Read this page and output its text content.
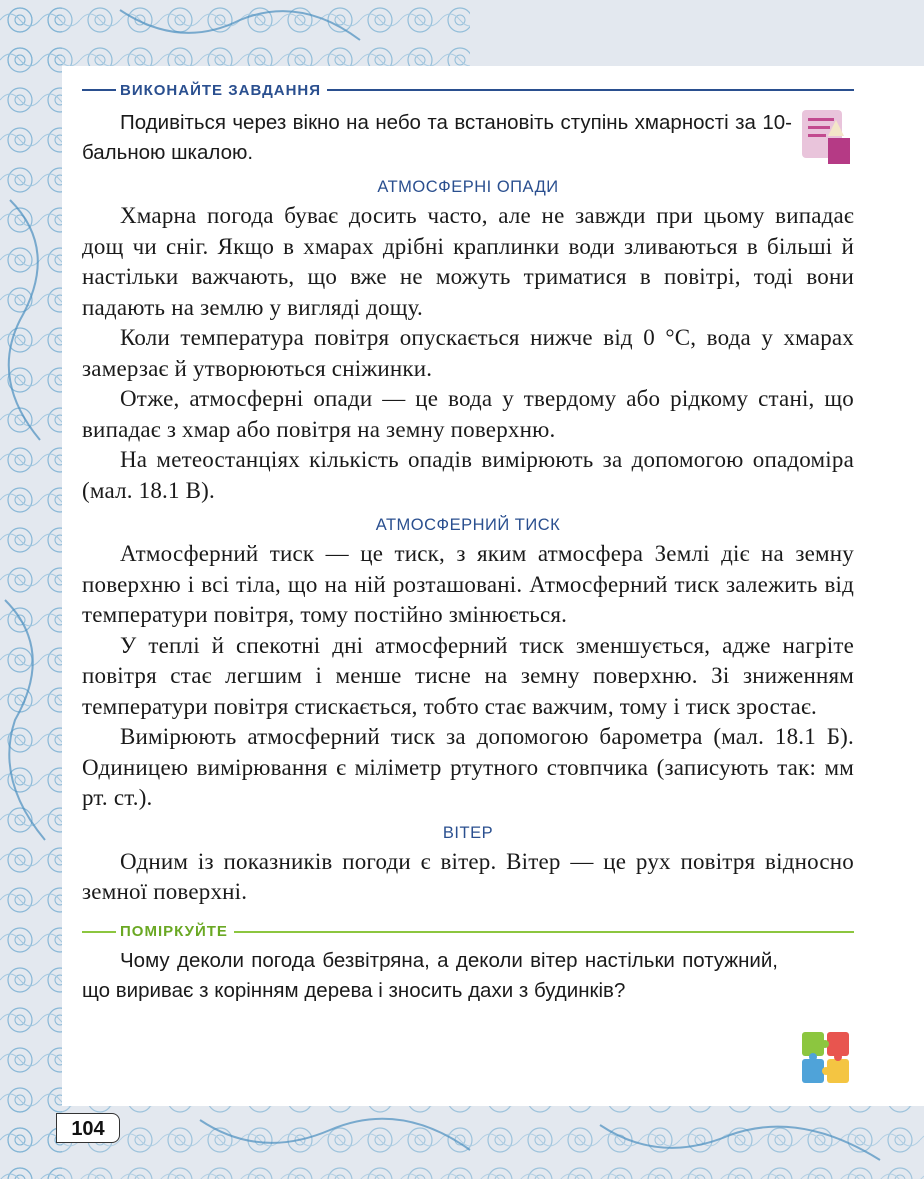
ВИКОНАЙТЕ ЗАВДАННЯ
Подивіться через вікно на небо та встановіть ступінь хмарності за 10-бальною шкалою.
АТМОСФЕРНІ ОПАДИ

Хмарна погода буває досить часто, але не завжди при цьому випадає дощ чи сніг. Якщо в хмарах дрібні краплинки води зливаються в більші й настільки важчають, що вже не можуть триматися в повітрі, тоді вони падають на землю у вигляді дощу.

Коли температура повітря опускається нижче від 0 °С, вода у хмарах замерзає й утворюються сніжинки.

Отже, атмосферні опади — це вода у твердому або рідкому стані, що випадає з хмар або повітря на земну поверхню.

На метеостанціях кількість опадів вимірюють за допомогою опадоміра (мал. 18.1 В).

АТМОСФЕРНИЙ ТИСК

Атмосферний тиск — це тиск, з яким атмосфера Землі діє на земну поверхню і всі тіла, що на ній розташовані. Атмосферний тиск залежить від температури повітря, тому постійно змінюється.

У теплі й спекотні дні атмосферний тиск зменшується, адже нагріте повітря стає легшим і менше тисне на земну поверхню. Зі зниженням температури повітря стискається, тобто стає важчим, тому і тиск зростає.

Вимірюють атмосферний тиск за допомогою барометра (мал. 18.1 Б). Одиницею вимірювання є міліметр ртутного стовпчика (записують так: мм рт. ст.).

ВІТЕР

Одним із показників погоди є вітер. Вітер — це рух повітря відносно земної поверхні.

ПОМІРКУЙТЕ
Чому деколи погода безвітряна, а деколи вітер настільки потужний, що вириває з корінням дерева і зносить дахи з будинків?
104
